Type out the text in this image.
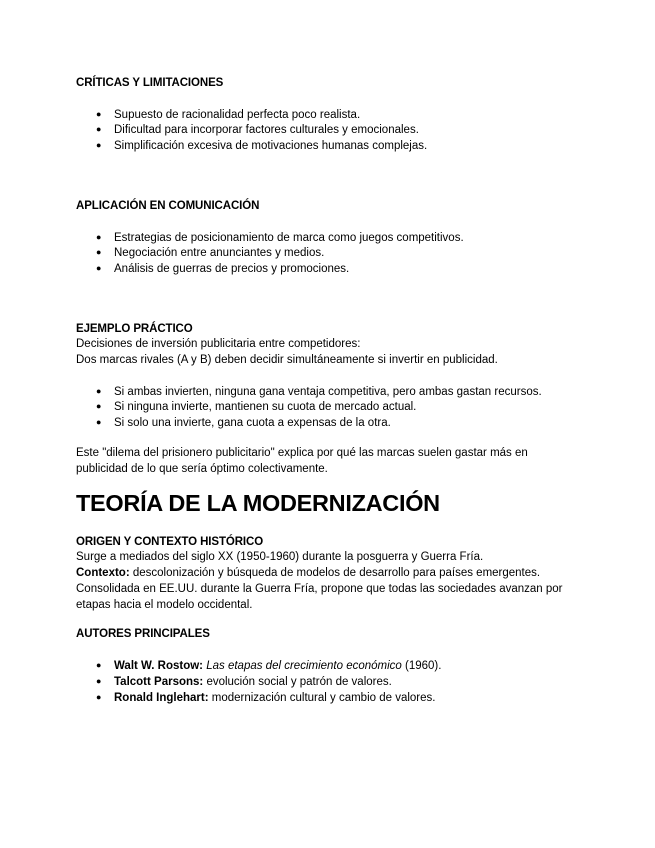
CRÍTICAS Y LIMITACIONES
● Supuesto de racionalidad perfecta poco realista.
● Dificultad para incorporar factores culturales y emocionales.
● Simplificación excesiva de motivaciones humanas complejas.
APLICACIÓN EN COMUNICACIÓN
● Estrategias de posicionamiento de marca como juegos competitivos.
● Negociación entre anunciantes y medios.
● Análisis de guerras de precios y promociones.
EJEMPLO PRÁCTICO
Decisiones de inversión publicitaria entre competidores:
Dos marcas rivales (A y B) deben decidir simultáneamente si invertir en publicidad.
● Si ambas invierten, ninguna gana ventaja competitiva, pero ambas gastan recursos.
● Si ninguna invierte, mantienen su cuota de mercado actual.
● Si solo una invierte, gana cuota a expensas de la otra.
Este "dilema del prisionero publicitario" explica por qué las marcas suelen gastar más en publicidad de lo que sería óptimo colectivamente.
TEORÍA DE LA MODERNIZACIÓN
ORIGEN Y CONTEXTO HISTÓRICO
Surge a mediados del siglo XX (1950-1960) durante la posguerra y Guerra Fría.
Contexto: descolonización y búsqueda de modelos de desarrollo para países emergentes.
Consolidada en EE.UU. durante la Guerra Fría, propone que todas las sociedades avanzan por etapas hacia el modelo occidental.
AUTORES PRINCIPALES
● Walt W. Rostow: Las etapas del crecimiento económico (1960).
● Talcott Parsons: evolución social y patrón de valores.
● Ronald Inglehart: modernización cultural y cambio de valores.
